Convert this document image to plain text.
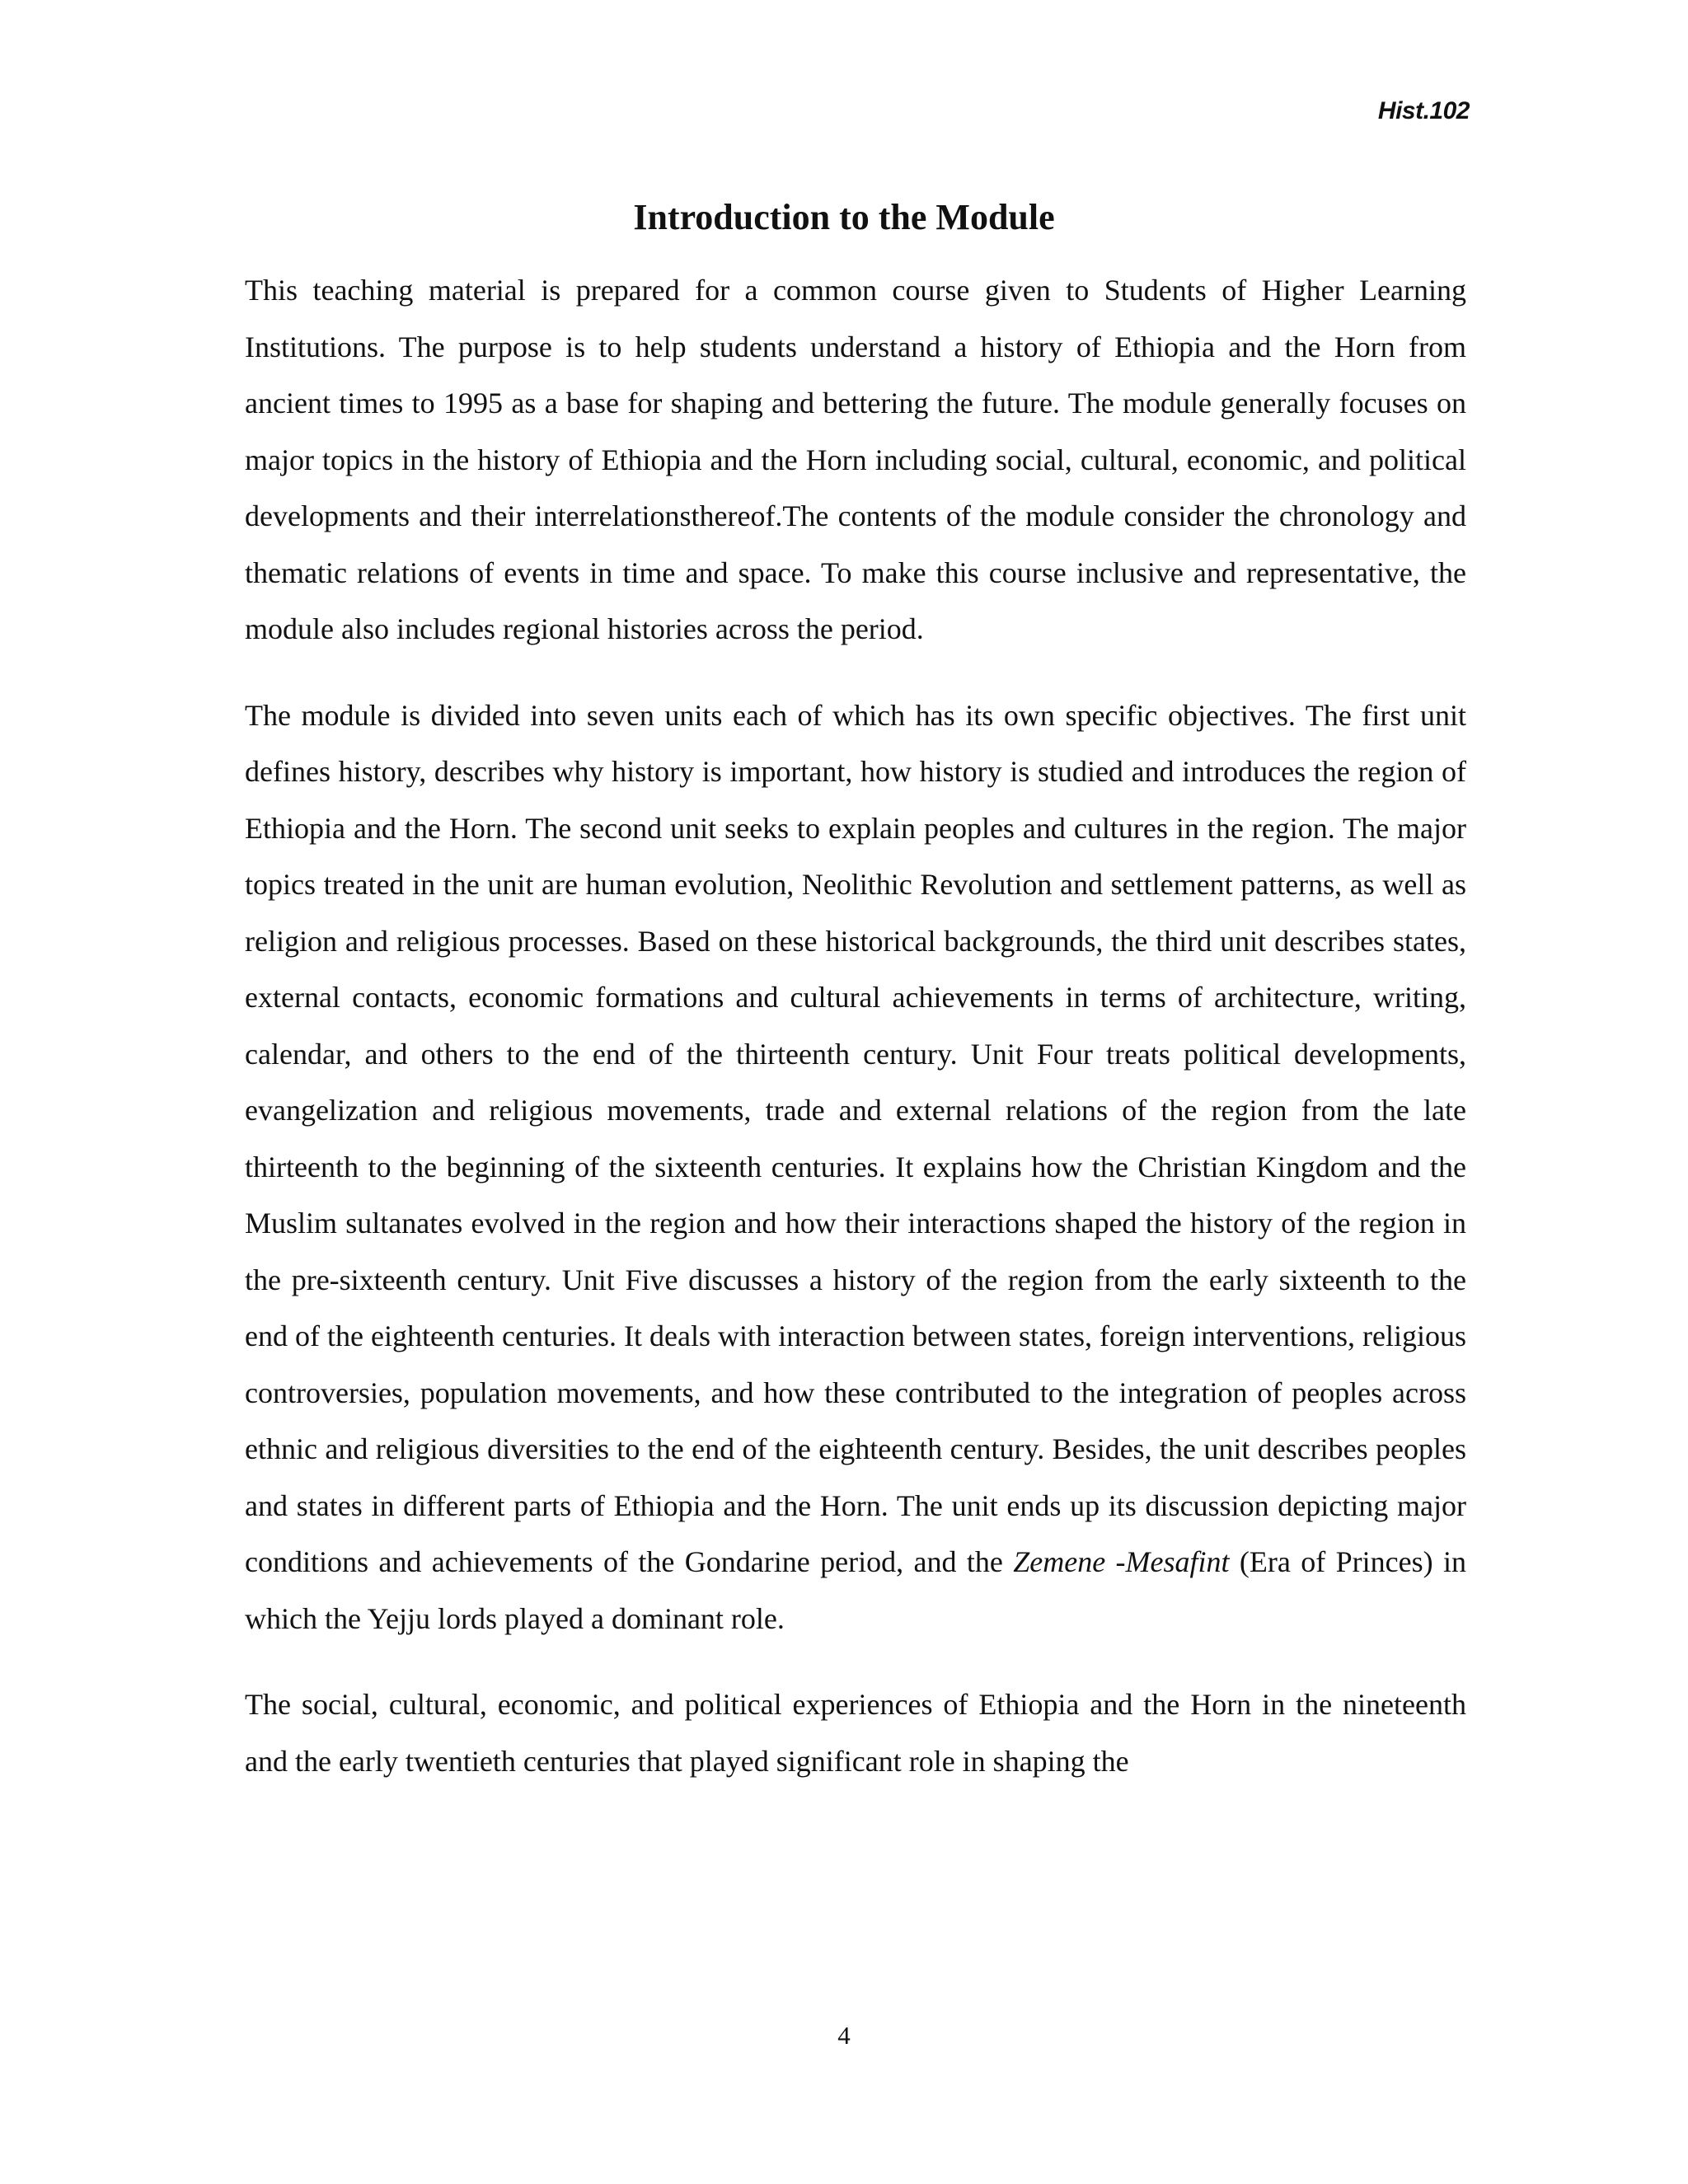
Hist.102
Introduction to the Module

This teaching material is prepared for a common course given to Students of Higher Learning Institutions. The purpose is to help students understand a history of Ethiopia and the Horn from ancient times to 1995 as a base for shaping and bettering the future. The module generally focuses on major topics in the history of Ethiopia and the Horn including social, cultural, economic, and political developments and their interrelationsthereof.The contents of the module consider the chronology and thematic relations of events in time and space. To make this course inclusive and representative, the module also includes regional histories across the period.

The module is divided into seven units each of which has its own specific objectives. The first unit defines history, describes why history is important, how history is studied and introduces the region of Ethiopia and the Horn. The second unit seeks to explain peoples and cultures in the region. The major topics treated in the unit are human evolution, Neolithic Revolution and settlement patterns, as well as religion and religious processes. Based on these historical backgrounds, the third unit describes states, external contacts, economic formations and cultural achievements in terms of architecture, writing, calendar, and others to the end of the thirteenth century. Unit Four treats political developments, evangelization and religious movements, trade and external relations of the region from the late thirteenth to the beginning of the sixteenth centuries. It explains how the Christian Kingdom and the Muslim sultanates evolved in the region and how their interactions shaped the history of the region in the pre-sixteenth century. Unit Five discusses a history of the region from the early sixteenth to the end of the eighteenth centuries. It deals with interaction between states, foreign interventions, religious controversies, population movements, and how these contributed to the integration of peoples across ethnic and religious diversities to the end of the eighteenth century. Besides, the unit describes peoples and states in different parts of Ethiopia and the Horn. The unit ends up its discussion depicting major conditions and achievements of the Gondarine period, and the Zemene -Mesafint (Era of Princes) in which the Yejju lords played a dominant role.

The social, cultural, economic, and political experiences of Ethiopia and the Horn in the nineteenth and the early twentieth centuries that played significant role in shaping the

4
